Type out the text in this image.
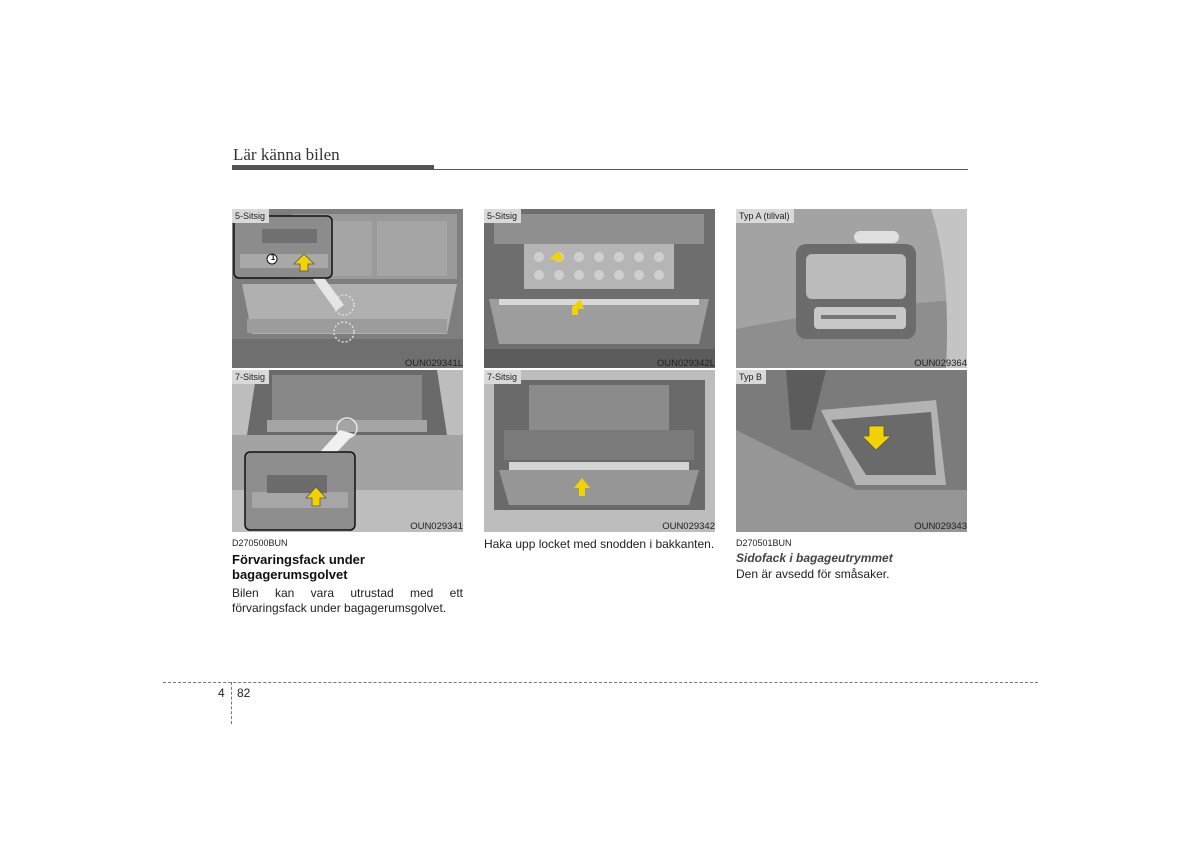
Lär känna bilen
5-Sitsig
1
OUN029341L
5-Sitsig
OUN029342L
Typ A (tillval)
OUN029364
7-Sitsig
OUN029341
7-Sitsig
OUN029342
Typ B
OUN029343
D270500BUN
Förvaringsfack under bagagerumsgolvet
Bilen kan vara utrustad med ett förvaringsfack under bagagerumsgolvet.
Haka upp locket med snodden i bakkanten. D270501BUN
Sidofack i bagageutrymmet
Den är avsedd för småsaker.
4 82
